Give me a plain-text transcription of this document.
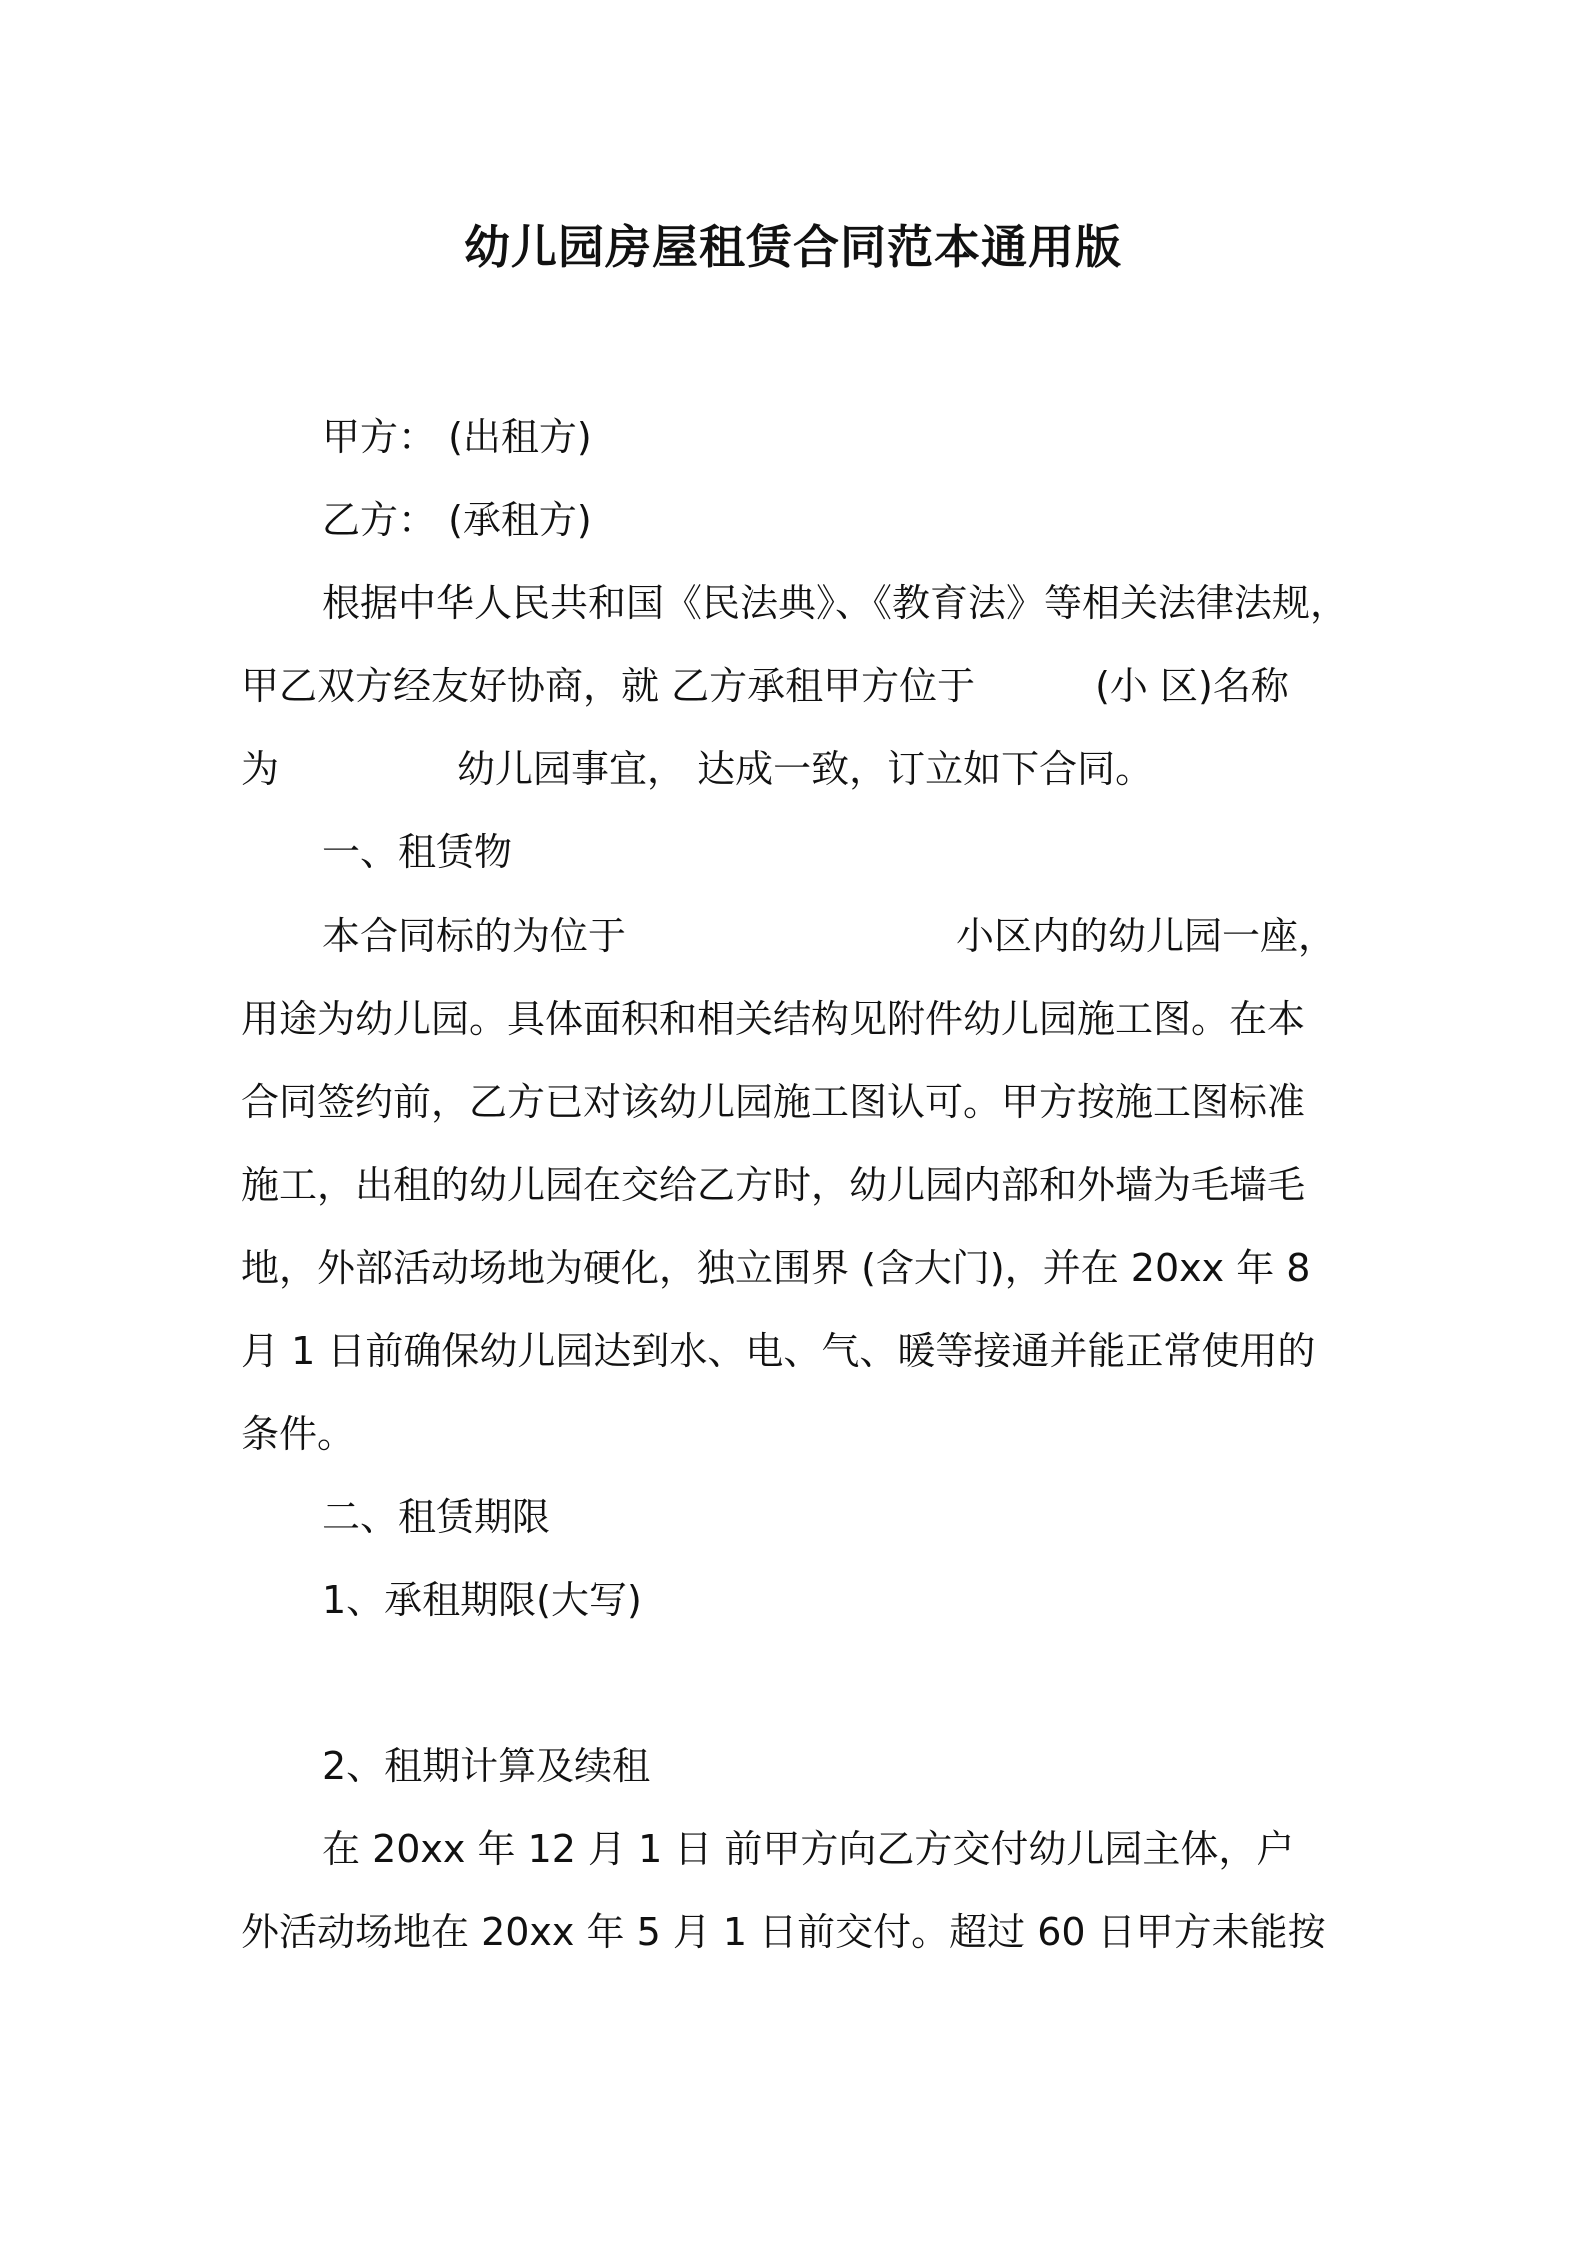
幼儿园房屋租赁合同范本通用版
甲方： (出租方)
乙方： (承租方)
根据中华人民共和国《民法典》、《教育法》等相关法律法规，
甲乙双方经友好协商，就 乙方承租甲方位于	(小 区)名称
为	幼儿园事宜， 达成一致，订立如下合同。
一、租赁物
本合同标的为位于	小区内的幼儿园一座，
用途为幼儿园。具体面积和相关结构见附件幼儿园施工图。在本
合同签约前，乙方已对该幼儿园施工图认可。甲方按施工图标准
施工，出租的幼儿园在交给乙方时，幼儿园内部和外墙为毛墙毛
地，外部活动场地为硬化，独立围界 (含大门)，并在 20xx 年 8
月 1 日前确保幼儿园达到水、电、气、暖等接通并能正常使用的
条件。
二、租赁期限
1、承租期限(大写)
2、租期计算及续租
在 20xx 年 12 月 1 日 前甲方向乙方交付幼儿园主体，户
外活动场地在 20xx 年 5 月 1 日前交付。超过 60 日甲方未能按
